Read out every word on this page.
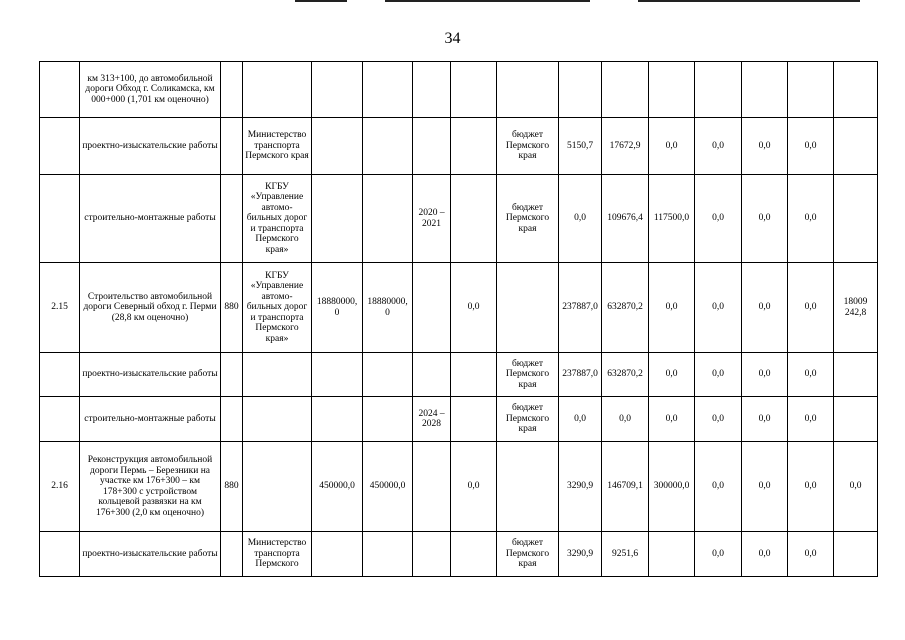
34
	км 313+100, до автомобильной дороги Обход г. Соликамска, км 000+000 (1,701 км оценочно)														
	проектно-изыскательские работы		Министерство транспорта Пермского края					бюджет Пермского края	5150,7	17672,9	0,0	0,0	0,0	0,0	
	строительно-монтажные работы		КГБУ «Управление автомо-бильных дорог и транспорта Пермского края»			2020 – 2021		бюджет Пермского края	0,0	109676,4	117500,0	0,0	0,0	0,0	
2.15	Строительство автомобильной дороги Северный обход г. Перми (28,8 км оценочно)	880	КГБУ «Управление автомо-бильных дорог и транспорта Пермского края»	18880000, 0	18880000, 0		0,0		237887,0	632870,2	0,0	0,0	0,0	0,0	18009 242,8
	проектно-изыскательские работы							бюджет Пермского края	237887,0	632870,2	0,0	0,0	0,0	0,0	
	строительно-монтажные работы					2024 – 2028		бюджет Пермского края	0,0	0,0	0,0	0,0	0,0	0,0	
2.16	Реконструкция автомобильной дороги Пермь – Березники на участке км 176+300 – км 178+300 с устройством кольцевой развязки на км 176+300 (2,0 км оценочно)	880		450000,0	450000,0		0,0		3290,9	146709,1	300000,0	0,0	0,0	0,0	0,0
	проектно-изыскательские работы		Министерство транспорта Пермского					бюджет Пермского края	3290,9	9251,6		0,0	0,0	0,0	
